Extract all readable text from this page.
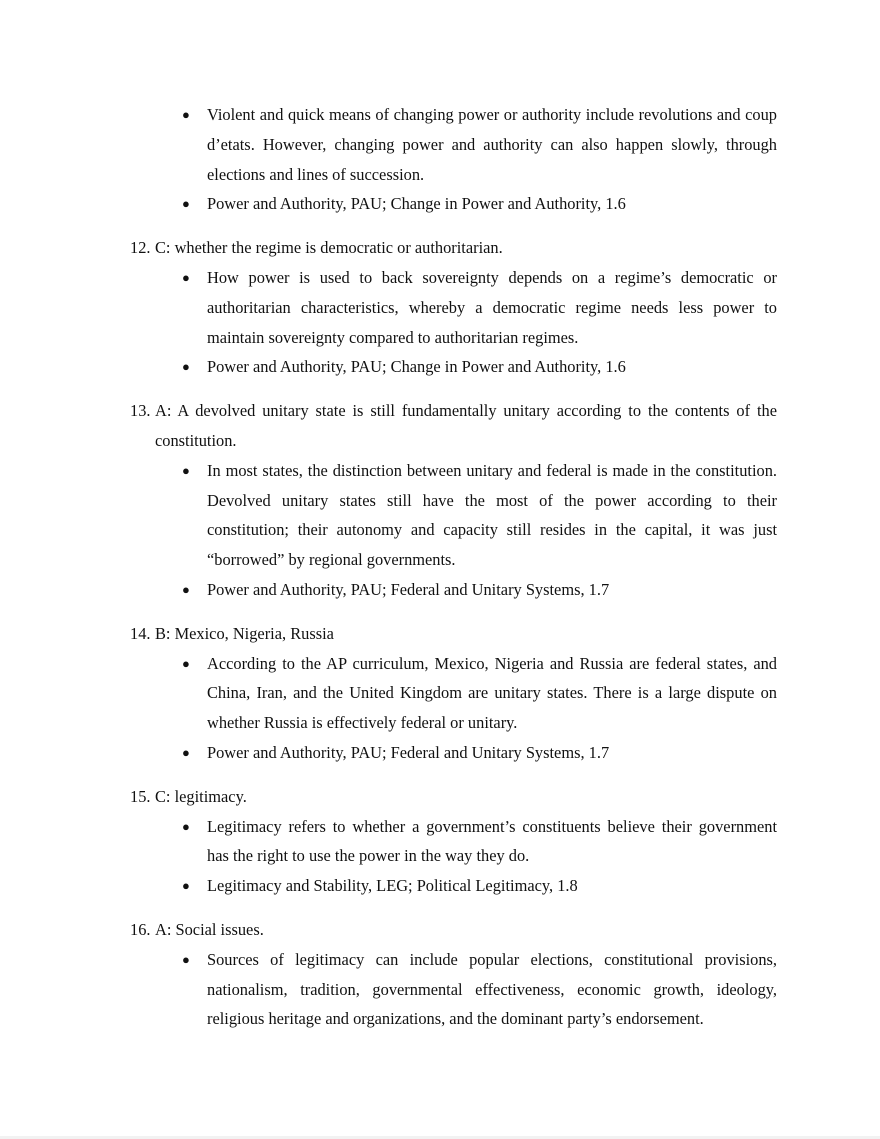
● Violent and quick means of changing power or authority include revolutions and coup d’etats. However, changing power and authority can also happen slowly, through elections and lines of succession.
● Power and Authority, PAU; Change in Power and Authority, 1.6
12. C: whether the regime is democratic or authoritarian.
● How power is used to back sovereignty depends on a regime’s democratic or authoritarian characteristics, whereby a democratic regime needs less power to maintain sovereignty compared to authoritarian regimes.
● Power and Authority, PAU; Change in Power and Authority, 1.6
13. A: A devolved unitary state is still fundamentally unitary according to the contents of the constitution.
● In most states, the distinction between unitary and federal is made in the constitution. Devolved unitary states still have the most of the power according to their constitution; their autonomy and capacity still resides in the capital, it was just “borrowed” by regional governments.
● Power and Authority, PAU; Federal and Unitary Systems, 1.7
14. B: Mexico, Nigeria, Russia
● According to the AP curriculum, Mexico, Nigeria and Russia are federal states, and China, Iran, and the United Kingdom are unitary states. There is a large dispute on whether Russia is effectively federal or unitary.
● Power and Authority, PAU; Federal and Unitary Systems, 1.7
15. C: legitimacy.
● Legitimacy refers to whether a government’s constituents believe their government has the right to use the power in the way they do.
● Legitimacy and Stability, LEG; Political Legitimacy, 1.8
16. A: Social issues.
● Sources of legitimacy can include popular elections, constitutional provisions, nationalism, tradition, governmental effectiveness, economic growth, ideology, religious heritage and organizations, and the dominant party’s endorsement.
